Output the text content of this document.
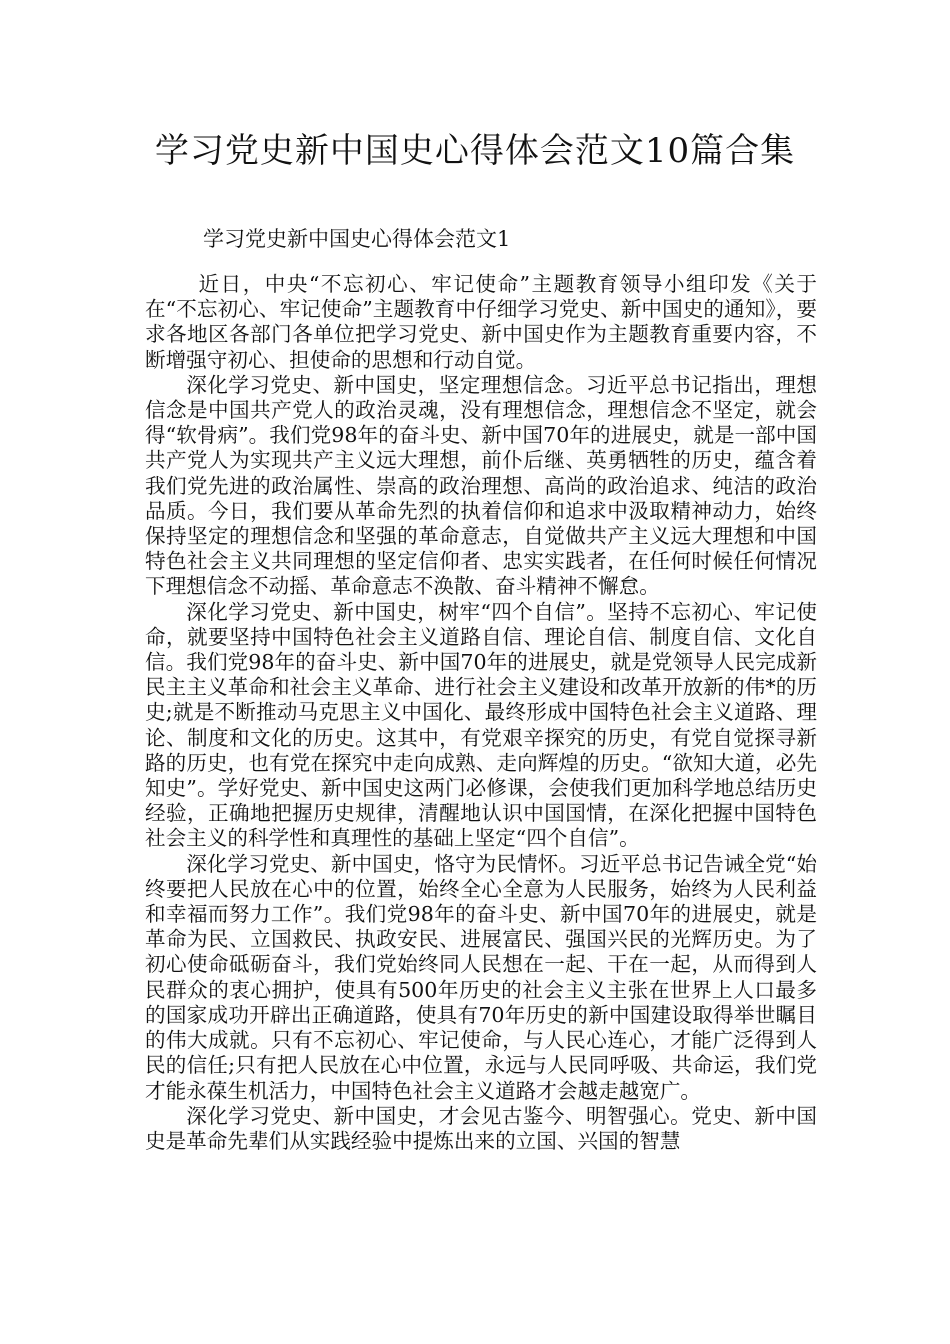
学习党史新中国史心得体会范文10篇合集
学习党史新中国史心得体会范文1

近日，中央“不忘初心、牢记使命”主题教育领导小组印发《关于在“不忘初心、牢记使命”主题教育中仔细学习党史、新中国史的通知》，要求各地区各部门各单位把学习党史、新中国史作为主题教育重要内容，不断增强守初心、担使命的思想和行动自觉。

深化学习党史、新中国史，坚定理想信念。习近平总书记指出，理想信念是中国共产党人的政治灵魂，没有理想信念，理想信念不坚定，就会得“软骨病”。我们党98年的奋斗史、新中国70年的进展史，就是一部中国共产党人为实现共产主义远大理想，前仆后继、英勇牺牲的历史，蕴含着我们党先进的政治属性、崇高的政治理想、高尚的政治追求、纯洁的政治品质。今日，我们要从革命先烈的执着信仰和追求中汲取精神动力，始终保持坚定的理想信念和坚强的革命意志，自觉做共产主义远大理想和中国特色社会主义共同理想的坚定信仰者、忠实实践者，在任何时候任何情况下理想信念不动摇、革命意志不涣散、奋斗精神不懈怠。

深化学习党史、新中国史，树牢“四个自信”。坚持不忘初心、牢记使命，就要坚持中国特色社会主义道路自信、理论自信、制度自信、文化自信。我们党98年的奋斗史、新中国70年的进展史，就是党领导人民完成新民主主义革命和社会主义革命、进行社会主义建设和改革开放新的伟*的历史;就是不断推动马克思主义中国化、最终形成中国特色社会主义道路、理论、制度和文化的历史。这其中，有党艰辛探究的历史，有党自觉探寻新路的历史，也有党在探究中走向成熟、走向辉煌的历史。“欲知大道，必先知史”。学好党史、新中国史这两门必修课，会使我们更加科学地总结历史经验，正确地把握历史规律，清醒地认识中国国情，在深化把握中国特色社会主义的科学性和真理性的基础上坚定“四个自信”。

深化学习党史、新中国史，恪守为民情怀。习近平总书记告诫全党“始终要把人民放在心中的位置，始终全心全意为人民服务，始终为人民利益和幸福而努力工作”。我们党98年的奋斗史、新中国70年的进展史，就是革命为民、立国救民、执政安民、进展富民、强国兴民的光辉历史。为了初心使命砥砺奋斗，我们党始终同人民想在一起、干在一起，从而得到人民群众的衷心拥护，使具有500年历史的社会主义主张在世界上人口最多的国家成功开辟出正确道路，使具有70年历史的新中国建设取得举世瞩目的伟大成就。只有不忘初心、牢记使命，与人民心连心，才能广泛得到人民的信任;只有把人民放在心中位置，永远与人民同呼吸、共命运，我们党才能永葆生机活力，中国特色社会主义道路才会越走越宽广。

深化学习党史、新中国史，才会见古鉴今、明智强心。党史、新中国史是革命先辈们从实践经验中提炼出来的立国、兴国的智慧
